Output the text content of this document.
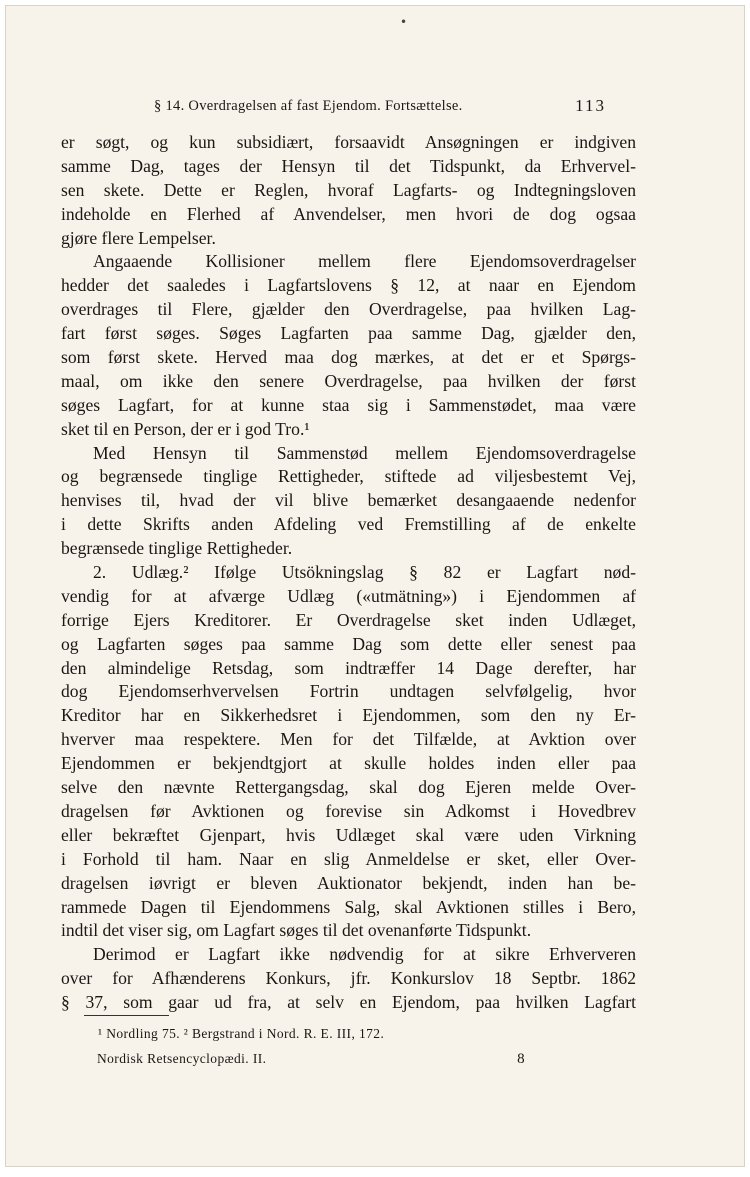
•
§ 14. Overdragelsen af fast Ejendom. Fortsættelse.	113
er søgt, og kun subsidiært, forsaavidt Ansøgningen er indgiven
samme Dag, tages der Hensyn til det Tidspunkt, da Erhvervel-
sen skete. Dette er Reglen, hvoraf Lagfarts- og Indtegningsloven
indeholde en Flerhed af Anvendelser, men hvori de dog ogsaa
gjøre flere Lempelser.
Angaaende Kollisioner mellem flere Ejendomsoverdragelser
hedder det saaledes i Lagfartslovens § 12, at naar en Ejendom
overdrages til Flere, gjælder den Overdragelse, paa hvilken Lag-
fart først søges. Søges Lagfarten paa samme Dag, gjælder den,
som først skete. Herved maa dog mærkes, at det er et Spørgs-
maal, om ikke den senere Overdragelse, paa hvilken der først
søges Lagfart, for at kunne staa sig i Sammenstødet, maa være
sket til en Person, der er i god Tro.¹
Med Hensyn til Sammenstød mellem Ejendomsoverdragelse
og begrænsede tinglige Rettigheder, stiftede ad viljesbestemt Vej,
henvises til, hvad der vil blive bemærket desangaaende nedenfor
i dette Skrifts anden Afdeling ved Fremstilling af de enkelte
begrænsede tinglige Rettigheder.
2. Udlæg.² Ifølge Utsökningslag § 82 er Lagfart nød-
vendig for at afværge Udlæg («utmätning») i Ejendommen af
forrige Ejers Kreditorer. Er Overdragelse sket inden Udlæget,
og Lagfarten søges paa samme Dag som dette eller senest paa
den almindelige Retsdag, som indtræffer 14 Dage derefter, har
dog Ejendomserhvervelsen Fortrin undtagen selvfølgelig, hvor
Kreditor har en Sikkerhedsret i Ejendommen, som den ny Er-
hverver maa respektere. Men for det Tilfælde, at Avktion over
Ejendommen er bekjendtgjort at skulle holdes inden eller paa
selve den nævnte Rettergangsdag, skal dog Ejeren melde Over-
dragelsen før Avktionen og forevise sin Adkomst i Hovedbrev
eller bekræftet Gjenpart, hvis Udlæget skal være uden Virkning
i Forhold til ham. Naar en slig Anmeldelse er sket, eller Over-
dragelsen iøvrigt er bleven Auktionator bekjendt, inden han be-
rammede Dagen til Ejendommens Salg, skal Avktionen stilles i Bero,
indtil det viser sig, om Lagfart søges til det ovenanførte Tidspunkt.
Derimod er Lagfart ikke nødvendig for at sikre Erhververen
over for Afhænderens Konkurs, jfr. Konkurslov 18 Septbr. 1862
§ 37, som gaar ud fra, at selv en Ejendom, paa hvilken Lagfart
¹ Nordling 75. ² Bergstrand i Nord. R. E. III, 172.
Nordisk Retsencyclopædi. II.	8
